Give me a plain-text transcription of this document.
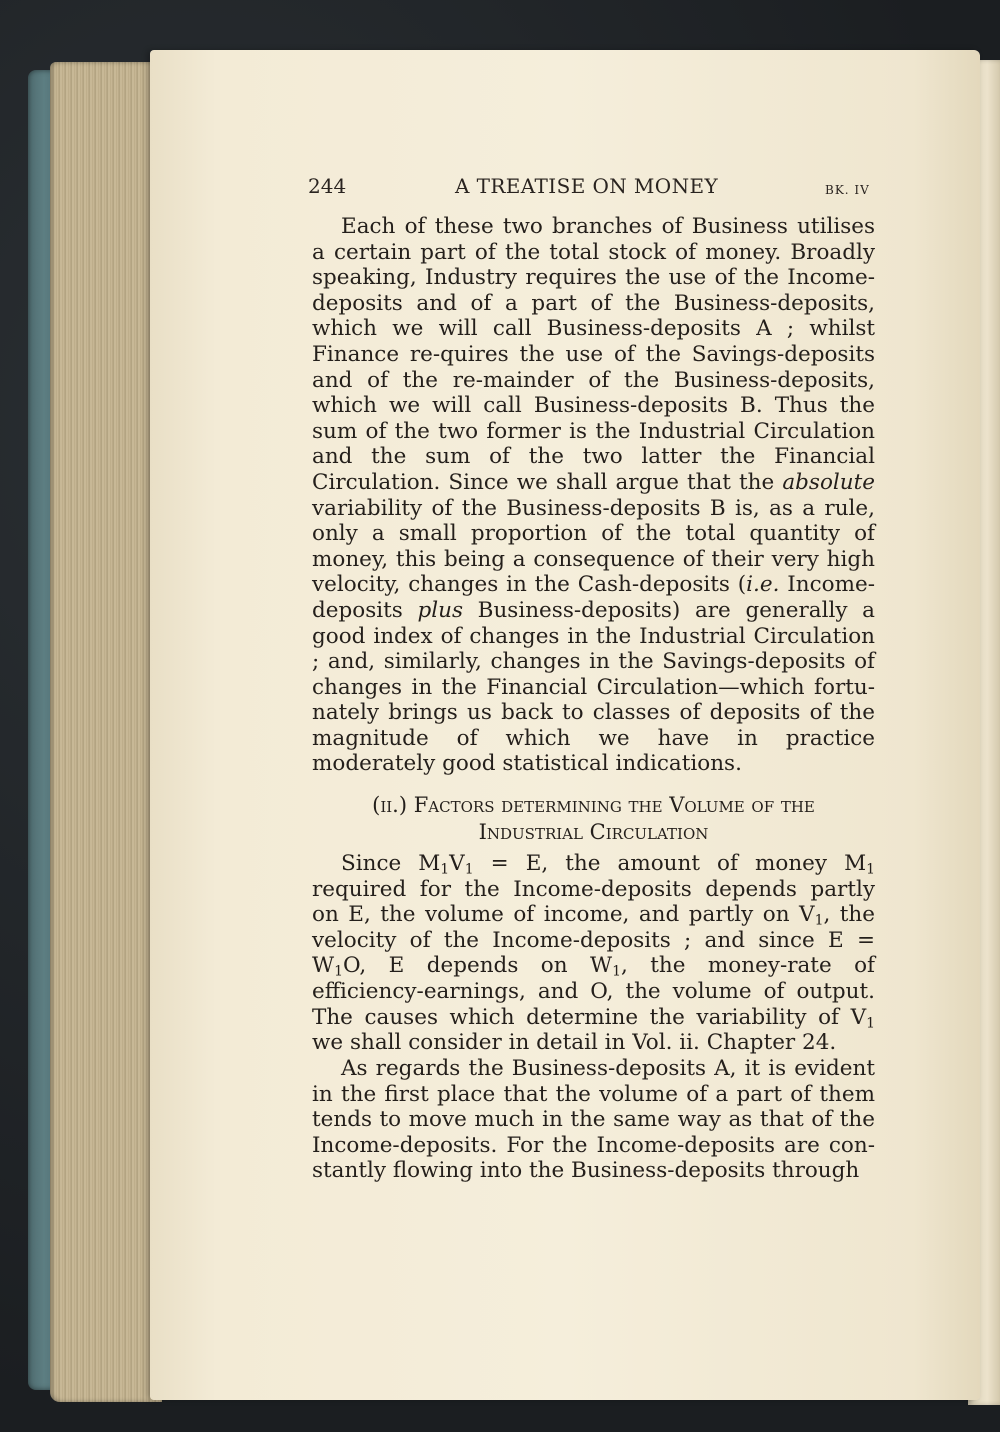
244	A TREATISE ON MONEY	BK. IV

Each of these two branches of Business utilises a certain part of the total stock of money. Broadly speaking, Industry requires the use of the Income-deposits and of a part of the Business-deposits, which we will call Business-deposits A ; whilst Finance re-quires the use of the Savings-deposits and of the re-mainder of the Business-deposits, which we will call Business-deposits B. Thus the sum of the two former is the Industrial Circulation and the sum of the two latter the Financial Circulation. Since we shall argue that the absolute variability of the Business-deposits B is, as a rule, only a small proportion of the total quantity of money, this being a consequence of their very high velocity, changes in the Cash-deposits (i.e. Income-deposits plus Business-deposits) are generally a good index of changes in the Industrial Circulation ; and, similarly, changes in the Savings-deposits of changes in the Financial Circulation—which fortu-nately brings us back to classes of deposits of the magnitude of which we have in practice moderately good statistical indications.

(ii.) Factors determining the Volume of the
Industrial Circulation

Since $M_1V_1 = E$, the amount of money $M_1$ required for the Income-deposits depends partly on E, the volume of income, and partly on $V_1$, the velocity of the Income-deposits ; and since $E = W_1O$, E depends on $W_1$, the money-rate of efficiency-earnings, and O, the volume of output. The causes which determine the variability of $V_1$ we shall consider in detail in Vol. ii. Chapter 24.

As regards the Business-deposits A, it is evident in the first place that the volume of a part of them tends to move much in the same way as that of the Income-deposits. For the Income-deposits are con-stantly flowing into the Business-deposits through
